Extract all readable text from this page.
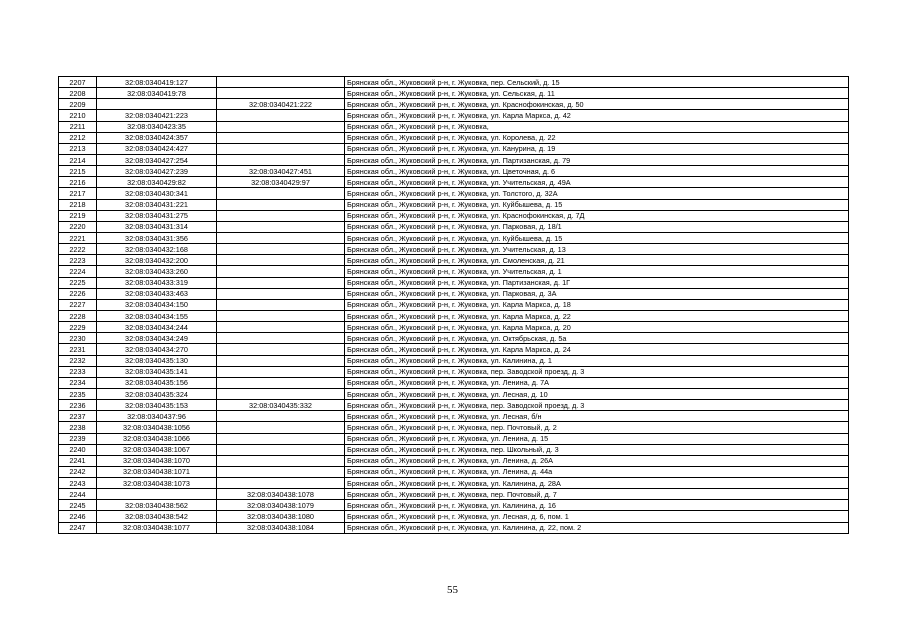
2207	32:08:0340419:127		Брянская обл., Жуковский р-н, г. Жуковка, пер. Сельский, д. 15
2208	32:08:0340419:78		Брянская обл., Жуковский р-н, г. Жуковка, ул. Сельская, д. 11
2209		32:08:0340421:222	Брянская обл., Жуковский р-н, г. Жуковка, ул. Краснофокинская, д. 50
2210	32:08:0340421:223		Брянская обл., Жуковский р-н, г. Жуковка, ул. Карла Маркса, д. 42
2211	32:08:0340423:35		Брянская обл., Жуковский р-н, г. Жуковка,
2212	32:08:0340424:357		Брянская обл., Жуковский р-н, г. Жуковка, ул. Королева, д. 22
2213	32:08:0340424:427		Брянская обл., Жуковский р-н, г. Жуковка, ул. Канурина, д. 19
2214	32:08:0340427:254		Брянская обл., Жуковский р-н, г. Жуковка, ул. Партизанская, д. 79
2215	32:08:0340427:239	32:08:0340427:451	Брянская обл., Жуковский р-н, г. Жуковка, ул. Цветочная, д. 6
2216	32:08:0340429:82	32:08:0340429:97	Брянская обл., Жуковский р-н, г. Жуковка, ул. Учительская, д. 49А
2217	32:08:0340430:341		Брянская обл., Жуковский р-н, г. Жуковка, ул. Толстого, д. 32А
2218	32:08:0340431:221		Брянская обл., Жуковский р-н, г. Жуковка, ул. Куйбышева, д. 15
2219	32:08:0340431:275		Брянская обл., Жуковский р-н, г. Жуковка, ул. Краснофокинская, д. 7Д
2220	32:08:0340431:314		Брянская обл., Жуковский р-н, г. Жуковка, ул. Парковая, д. 18/1
2221	32:08:0340431:356		Брянская обл., Жуковский р-н, г. Жуковка, ул. Куйбышева, д. 15
2222	32:08:0340432:168		Брянская обл., Жуковский р-н, г. Жуковка, ул. Учительская, д. 13
2223	32:08:0340432:200		Брянская обл., Жуковский р-н, г. Жуковка, ул. Смоленская, д. 21
2224	32:08:0340433:260		Брянская обл., Жуковский р-н, г. Жуковка, ул. Учительская, д. 1
2225	32:08:0340433:319		Брянская обл., Жуковский р-н, г. Жуковка, ул. Партизанская, д. 1Г
2226	32:08:0340433:463		Брянская обл., Жуковский р-н, г. Жуковка, ул. Парковая, д. 3А
2227	32:08:0340434:150		Брянская обл., Жуковский р-н, г. Жуковка, ул. Карла Маркса, д. 18
2228	32:08:0340434:155		Брянская обл., Жуковский р-н, г. Жуковка, ул. Карла Маркса, д. 22
2229	32:08:0340434:244		Брянская обл., Жуковский р-н, г. Жуковка, ул. Карла Маркса, д. 20
2230	32:08:0340434:249		Брянская обл., Жуковский р-н, г. Жуковка, ул. Октябрьская, д. 5а
2231	32:08:0340434:270		Брянская обл., Жуковский р-н, г. Жуковка, ул. Карла Маркса, д. 24
2232	32:08:0340435:130		Брянская обл., Жуковский р-н, г. Жуковка, ул. Калинина, д. 1
2233	32:08:0340435:141		Брянская обл., Жуковский р-н, г. Жуковка, пер. Заводской проезд, д. 3
2234	32:08:0340435:156		Брянская обл., Жуковский р-н, г. Жуковка, ул. Ленина, д. 7А
2235	32:08:0340435:324		Брянская обл., Жуковский р-н, г. Жуковка, ул. Лесная, д. 10
2236	32:08:0340435:153	32:08:0340435:332	Брянская обл., Жуковский р-н, г. Жуковка, пер. Заводской проезд, д. 3
2237	32:08:0340437:96		Брянская обл., Жуковский р-н, г. Жуковка, ул. Лесная, б/н
2238	32:08:0340438:1056		Брянская обл., Жуковский р-н, г. Жуковка, пер. Почтовый, д. 2
2239	32:08:0340438:1066		Брянская обл., Жуковский р-н, г. Жуковка, ул. Ленина, д. 15
2240	32:08:0340438:1067		Брянская обл., Жуковский р-н, г. Жуковка, пер. Школьный, д. 3
2241	32:08:0340438:1070		Брянская обл., Жуковский р-н, г. Жуковка, ул. Ленина, д. 26А
2242	32:08:0340438:1071		Брянская обл., Жуковский р-н, г. Жуковка, ул. Ленина, д. 44а
2243	32:08:0340438:1073		Брянская обл., Жуковский р-н, г. Жуковка, ул. Калинина, д. 28А
2244		32:08:0340438:1078	Брянская обл., Жуковский р-н, г. Жуковка, пер. Почтовый, д. 7
2245	32:08:0340438:562	32:08:0340438:1079	Брянская обл., Жуковский р-н, г. Жуковка, ул. Калинина, д. 16
2246	32:08:0340438:542	32:08:0340438:1080	Брянская обл., Жуковский р-н, г. Жуковка, ул. Лесная, д. 6, пом. 1
2247	32:08:0340438:1077	32:08:0340438:1084	Брянская обл., Жуковский р-н, г. Жуковка, ул. Калинина, д. 22, пом. 2
55
